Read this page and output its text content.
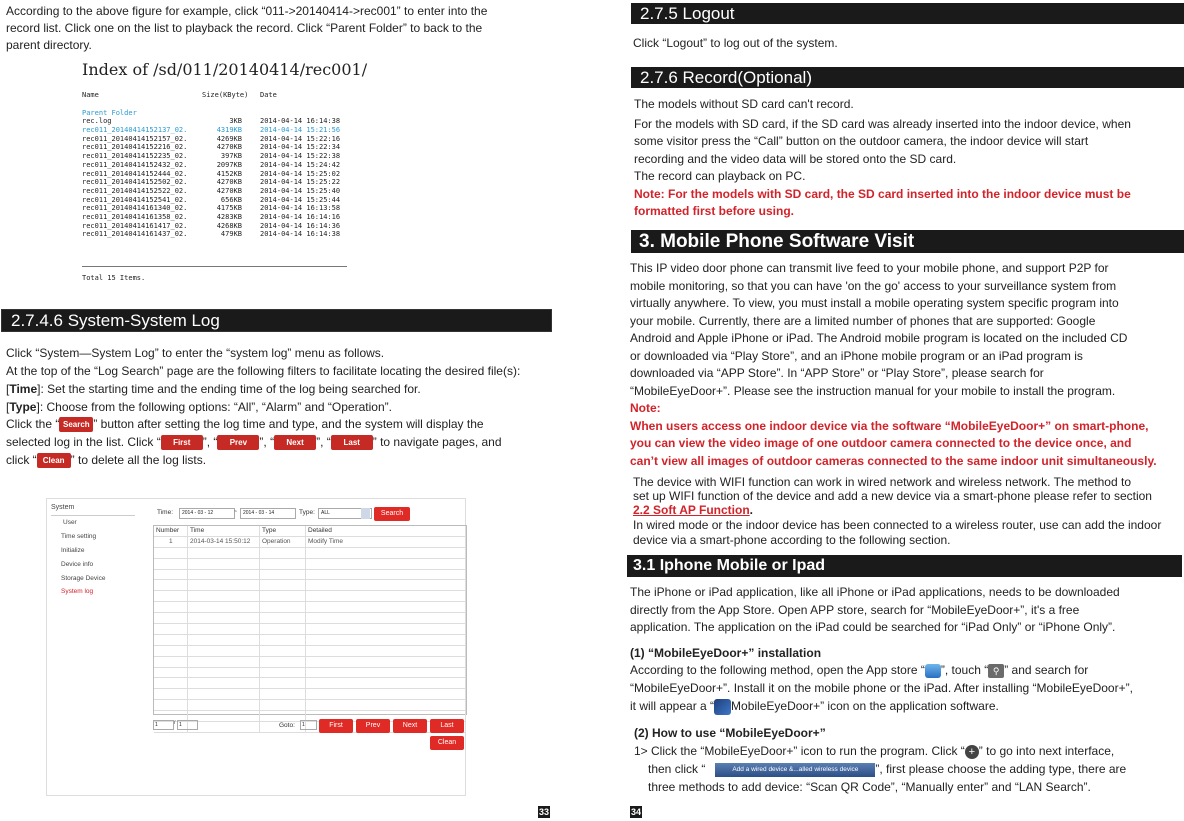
According to the above figure for example, click “011->20140414->rec001” to enter into the
record list. Click one on the list to playback the record. Click “Parent Folder” to back to the
parent directory.
Index of /sd/011/20140414/rec001/
Name	Size(KByte) Date
Parent Folder
rec.log	3KB	2014-04-14 16:14:38
rec011_20140414152137_02.	4319KB	2014-04-14 15:21:56
rec011_20140414152157_02.	4269KB	2014-04-14 15:22:16
rec011_20140414152216_02.	4270KB	2014-04-14 15:22:34
rec011_20140414152235_02.	397KB	2014-04-14 15:22:38
rec011_20140414152432_02.	2097KB	2014-04-14 15:24:42
rec011_20140414152444_02.	4152KB	2014-04-14 15:25:02
rec011_20140414152502_02.	4270KB	2014-04-14 15:25:22
rec011_20140414152522_02.	4270KB	2014-04-14 15:25:40
rec011_20140414152541_02.	656KB	2014-04-14 15:25:44
rec011_20140414161340_02.	4175KB	2014-04-14 16:13:58
rec011_20140414161358_02.	4283KB	2014-04-14 16:14:16
rec011_20140414161417_02.	4268KB	2014-04-14 16:14:36
rec011_20140414161437_02.	479KB	2014-04-14 16:14:38
Total 15 Items.
2.7.4.6 System-System Log
Click “System—System Log” to enter the “system log” menu as follows.
At the top of the “Log Search” page are the following filters to facilitate locating the desired file(s):
[Time]: Set the starting time and the ending time of the log being searched for.
[Type]: Choose from the following options: “All”, “Alarm” and “Operation”.
Click the “ Search ” button after setting the log time and type, and the system will display the
selected log in the list. Click “ First ”, “ Prev ”, “ Next ”, “ Last ” to navigate pages, and
click “ Clean ” to delete all the log lists.
System
User
Time setting
Initialize
Device info
Storage Device
System log
Time:	2014 - 03 - 12	~	2014 - 03 - 14	Type:	ALL	Search
Number	Time	Type	Detailed
1	2014-03-14 15:50:12	Operation	Modify Time
1	/ 1	Goto:	1	First	Prev	Next	Last
Clean
33
2.7.5 Logout
Click “Logout” to log out of the system.
2.7.6 Record(Optional)
The models without SD card can't record.
For the models with SD card, if the SD card was already inserted into the indoor device, when
some visitor press the “Call” button on the outdoor camera, the indoor device will start
recording and the video data will be stored onto the SD card.
The record can playback on PC.
Note: For the models with SD card, the SD card inserted into the indoor device must be
formatted first before using.
3. Mobile Phone Software Visit
This IP video door phone can transmit live feed to your mobile phone, and support P2P for
mobile monitoring, so that you can have 'on the go' access to your surveillance system from
virtually anywhere. To view, you must install a mobile operating system specific program into
your mobile. Currently, there are a limited number of phones that are supported: Google
Android and Apple iPhone or iPad. The Android mobile program is located on the included CD
or downloaded via “Play Store”, and an iPhone mobile program or an iPad program is
downloaded via “APP Store”. In “APP Store” or “Play Store”, please search for
“MobileEyeDoor+”. Please see the instruction manual for your mobile to install the program.
Note:
When users access one indoor device via the software “MobileEyeDoor+” on smart-phone,
you can view the video image of one outdoor camera connected to the device once, and
can’t view all images of outdoor cameras connected to the same indoor unit simultaneously.
The device with WIFI function can work in wired network and wireless network. The method to
set up WIFI function of the device and add a new device via a smart-phone please refer to section
2.2 Soft AP Function.
In wired mode or the indoor device has been connected to a wireless router, use can add the indoor
device via a smart-phone according to the following section.
3.1 Iphone Mobile or Ipad
The iPhone or iPad application, like all iPhone or iPad applications, needs to be downloaded
directly from the App Store. Open APP store, search for “MobileEyeDoor+”, it's a free
application. The application on the iPad could be searched for “iPad Only” or “iPhone Only”.
(1) “MobileEyeDoor+” installation
According to the following method, open the App store “ ”, touch “ ⚲ ” and search for
“MobileEyeDoor+”. Install it on the mobile phone or the iPad. After installing “MobileEyeDoor+”,
it will appear a “ MobileEyeDoor+” icon on the application software.
(2) How to use “MobileEyeDoor+”
1> Click the “MobileEyeDoor+” icon to run the program. Click “ + ” to go into next interface,
then click “	Add a wired device &...alled wireless device ”, first please choose the adding type, there are
three methods to add device: “Scan QR Code”, “Manually enter” and “LAN Search”.
34
